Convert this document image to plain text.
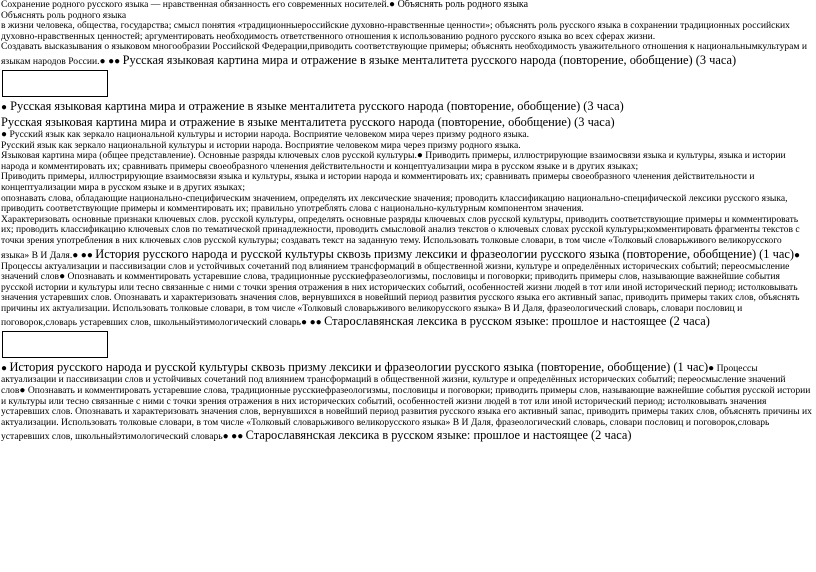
Сохранение родного русского языка — нравственная обязанность его современных носителей.● Объяснять роль родного языка

Объяснять роль родного языка

в жизни человека, общества, государства; смысл понятия «традиционныероссийские духовно-нравственные ценности»; объяснять роль русского языка в сохранении традиционных российских духовно-нравственных ценностей; аргументировать необходимость ответственного отношения к использованию родного русского языка во всех сферах жизни.

Создавать высказывания о языковом многообразии Российской Федерации,приводить соответствующие примеры; объяснять необходимость уважительного отношения к национальнымкультурам и языкам народов России.● ●● Русская языковая картина мира и отражение в языке менталитета русского народа (повторение, обобщение) (3 часа)

● Русская языковая картина мира и отражение в языке менталитета русского народа (повторение, обобщение) (3 часа)

Русская языковая картина мира и отражение в языке менталитета русского народа (повторение, обобщение) (3 часа)

● Русский язык как зеркало национальной культуры и истории народа. Восприятие человеком мира через призму родного языка.

Русский язык как зеркало национальной культуры и истории народа. Восприятие человеком мира через призму родного языка.

Языковая картина мира (общее представление). Основные разряды ключевых слов русской культуры.● Приводить примеры, иллюстрирующие взаимосвязи языка и культуры, языка и истории народа и комментировать их; сравнивать примеры своеобразного членения действительности и концептуализации мира в русском языке и в других языках;

Приводить примеры, иллюстрирующие взаимосвязи языка и культуры, языка и истории народа и комментировать их; сравнивать примеры своеобразного членения действительности и концептуализации мира в русском языке и в других языках;

опознавать слова, обладающие национально-специфическим значением, определять их лексические значения; проводить классификацию национально-специфической лексики русского языка, приводить соответствующие примеры и комментировать их; правильно употреблять слова с национально-культурным компонентом значения.

Характеризовать основные признаки ключевых слов. русской культуры, определять основные разряды ключевых слов русской культуры, приводить соответствующие примеры и комментировать их; проводить классификацию ключевых слов по тематической принадлежности, проводить смысловой анализ текстов о ключевых словах русской культуры;комментировать фрагменты текстов с точки зрения употребления в них ключевых слов русской культуры; создавать текст на заданную тему. Использовать толковые словари, в том числе «Толковый словарьживого великорусского языка» В И Даля.● ●● История русского народа и русской культуры сквозь призму лексики и фразеологии русского языка (повторение, обобщение) (1 час)● Процессы актуализации и пассивизации слов и устойчивых сочетаний под влиянием трансформаций в общественной жизни, культуре и определённых исторических событий; переосмысление значений слов● Опознавать и комментировать устаревшие слова, традиционные русскиефразеологизмы, пословицы и поговорки; приводить примеры слов, называющие важнейшие события русской истории и культуры или тесно связанные с ними с точки зрения отражения в них исторических событий, особенностей жизни людей в тот или иной исторический период; истолковывать значения устаревших слов. Опознавать и характеризовать значения слов, вернувшихся в новейший период развития русского языка его активный запас, приводить примеры таких слов, объяснять причины их актуализации. Использовать толковые словари, в том числе «Толковый словарьживого великорусского языка» В И Даля, фразеологический словарь, словари пословиц и поговорок,словарь устаревших слов, школьныйэтимологический словарь● ●● Старославянская лексика в русском языке: прошлое и настоящее (2 часа)

● История русского народа и русской культуры сквозь призму лексики и фразеологии русского языка (повторение, обобщение) (1 час)● Процессы актуализации и пассивизации слов и устойчивых сочетаний под влиянием трансформаций в общественной жизни, культуре и определённых исторических событий; переосмысление значений слов● Опознавать и комментировать устаревшие слова, традиционные русскиефразеологизмы, пословицы и поговорки; приводить примеры слов, называющие важнейшие события русской истории и культуры или тесно связанные с ними с точки зрения отражения в них исторических событий, особенностей жизни людей в тот или иной исторический период; истолковывать значения устаревших слов. Опознавать и характеризовать значения слов, вернувшихся в новейший период развития русского языка его активный запас, приводить примеры таких слов, объяснять причины их актуализации. Использовать толковые словари, в том числе «Толковый словарьживого великорусского языка» В И Даля, фразеологический словарь, словари пословиц и поговорок,словарь устаревших слов, школьныйэтимологический словарь● ●● Старославянская лексика в русском языке: прошлое и настоящее (2 часа)
